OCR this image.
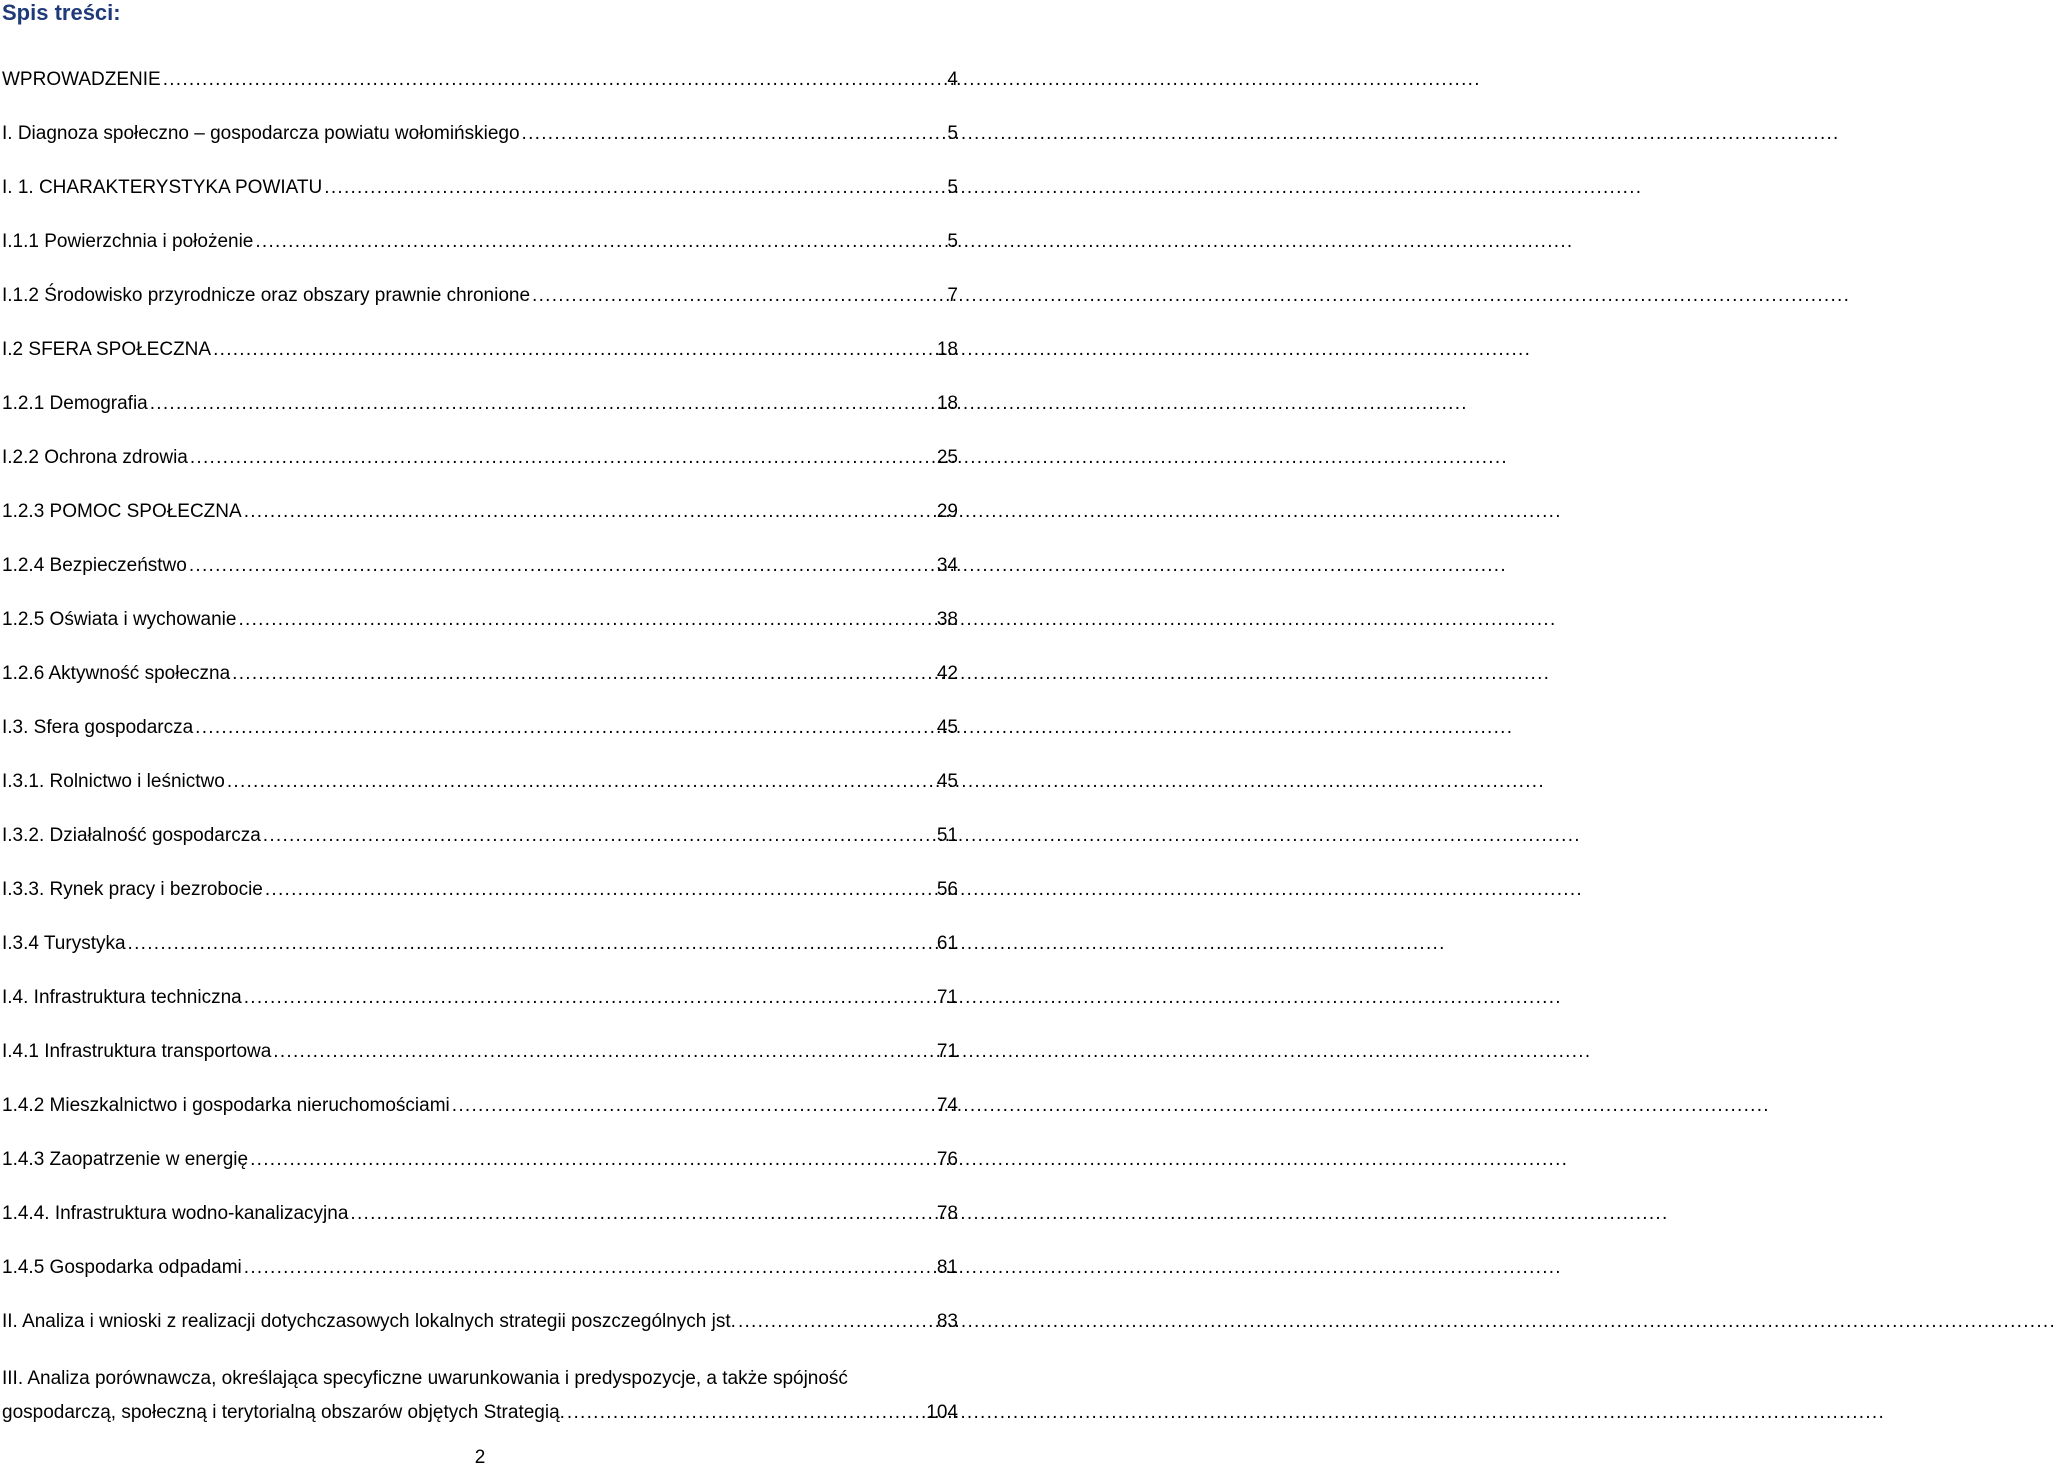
Spis treści:
WPROWADZENIE . . .	4
I. Diagnoza społeczno – gospodarcza powiatu wołomińskiego . . .	5
I. 1. CHARAKTERYSTYKA POWIATU . . .	5
I.1.1 Powierzchnia i położenie . . .	5
I.1.2 Środowisko przyrodnicze oraz obszary prawnie chronione . . .	7
I.2 SFERA SPOŁECZNA . . .	18
1.2.1 Demografia . . .	18
I.2.2 Ochrona zdrowia . . .	25
1.2.3 POMOC SPOŁECZNA . . .	29
1.2.4 Bezpieczeństwo . . .	34
1.2.5 Oświata i wychowanie . . .	38
1.2.6 Aktywność społeczna . . .	42
I.3. Sfera gospodarcza . . .	45
I.3.1. Rolnictwo i leśnictwo . . .	45
I.3.2. Działalność gospodarcza . . .	51
I.3.3. Rynek pracy i bezrobocie . . .	56
I.3.4 Turystyka . . .	61
I.4. Infrastruktura techniczna . . .	71
I.4.1 Infrastruktura transportowa . . .	71
1.4.2 Mieszkalnictwo i gospodarka nieruchomościami . . .	74
1.4.3 Zaopatrzenie w energię . . .	76
1.4.4. Infrastruktura wodno-kanalizacyjna . . .	78
1.4.5 Gospodarka odpadami . . .	81
II. Analiza i wnioski z realizacji dotychczasowych lokalnych strategii poszczególnych jst. . . .	83
III. Analiza porównawcza, określająca specyficzne uwarunkowania i predyspozycje, a także spójność
gospodarczą, społeczną i terytorialną obszarów objętych Strategią. . . .	104
2
